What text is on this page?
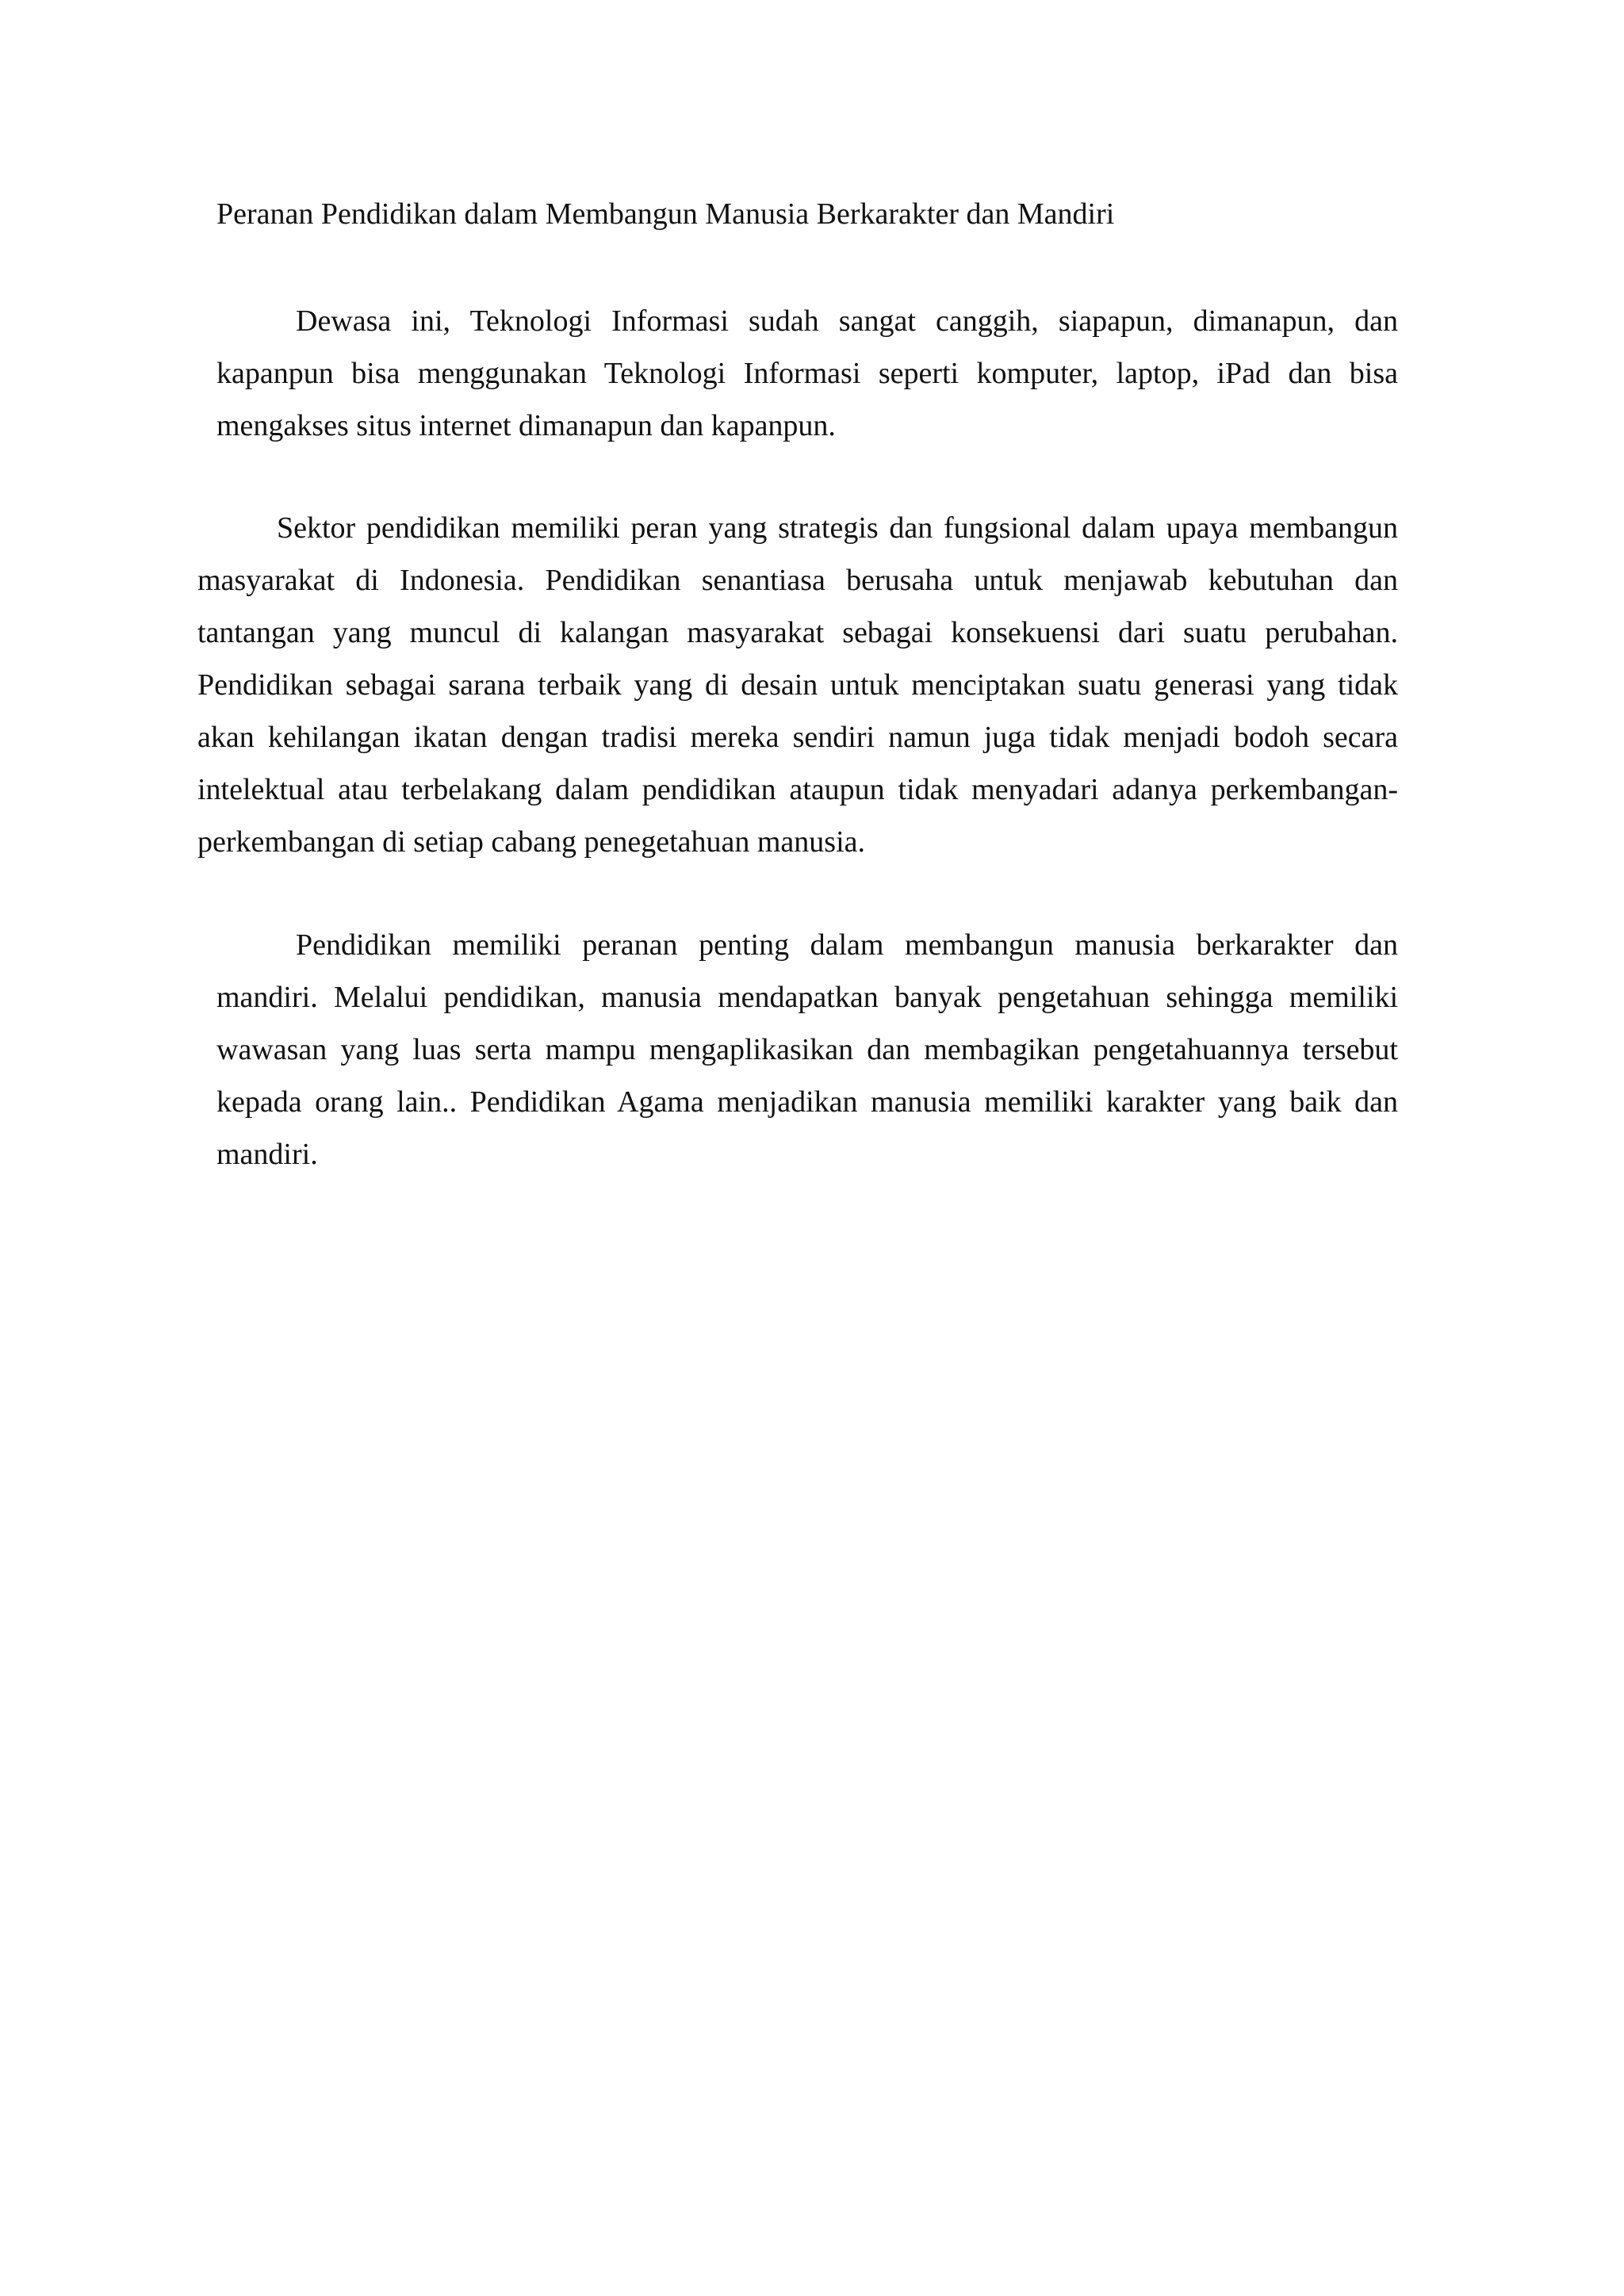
Peranan Pendidikan dalam Membangun Manusia Berkarakter dan Mandiri

Dewasa ini, Teknologi Informasi sudah sangat canggih, siapapun, dimanapun, dan kapanpun bisa menggunakan Teknologi Informasi seperti komputer, laptop, iPad dan bisa mengakses situs internet dimanapun dan kapanpun.

Sektor pendidikan memiliki peran yang strategis dan fungsional dalam upaya membangun masyarakat di Indonesia. Pendidikan senantiasa berusaha untuk menjawab kebutuhan dan tantangan yang muncul di kalangan masyarakat sebagai konsekuensi dari suatu perubahan. Pendidikan sebagai sarana terbaik yang di desain untuk menciptakan suatu generasi yang tidak akan kehilangan ikatan dengan tradisi mereka sendiri namun juga tidak menjadi bodoh secara intelektual atau terbelakang dalam pendidikan ataupun tidak menyadari adanya perkembangan-perkembangan di setiap cabang penegetahuan manusia.

Pendidikan memiliki peranan penting dalam membangun manusia berkarakter dan mandiri. Melalui pendidikan, manusia mendapatkan banyak pengetahuan sehingga memiliki wawasan yang luas serta mampu mengaplikasikan dan membagikan pengetahuannya tersebut kepada orang lain.. Pendidikan Agama menjadikan manusia memiliki karakter yang baik dan mandiri.
